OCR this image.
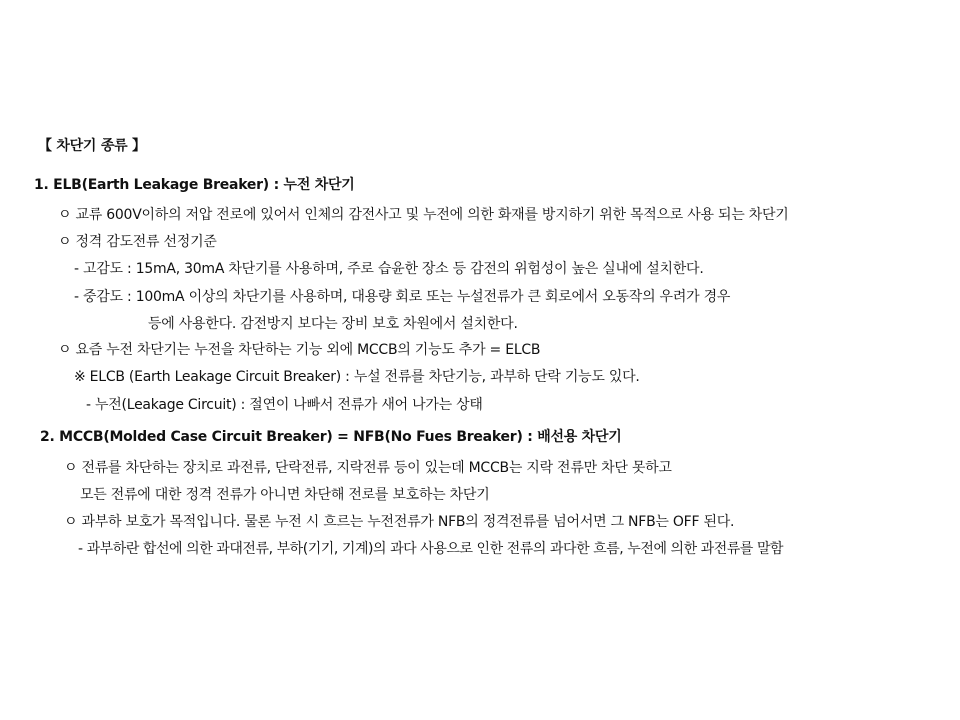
【 차단기 종류 】
1. ELB(Earth Leakage Breaker) : 누전 차단기
ㅇ 교류 600V이하의 저압 전로에 있어서 인체의 감전사고 및 누전에 의한 화재를 방지하기 위한 목적으로 사용 되는 차단기
ㅇ 정격 감도전류 선정기준
- 고감도 : 15mA, 30mA 차단기를 사용하며, 주로 습윤한 장소 등 감전의 위험성이 높은 실내에 설치한다.
- 중감도 : 100mA 이상의 차단기를 사용하며, 대용량 회로 또는 누설전류가 큰 회로에서 오동작의 우려가 경우
등에 사용한다. 감전방지 보다는 장비 보호 차원에서 설치한다.
ㅇ 요즘 누전 차단기는 누전을 차단하는 기능 외에 MCCB의 기능도 추가 = ELCB
※ ELCB (Earth Leakage Circuit Breaker) : 누설 전류를 차단기능, 과부하 단락 기능도 있다.
- 누전(Leakage Circuit) : 절연이 나빠서 전류가 새어 나가는 상태
2. MCCB(Molded Case Circuit Breaker) = NFB(No Fues Breaker) : 배선용 차단기
ㅇ 전류를 차단하는 장치로 과전류, 단락전류, 지락전류 등이 있는데 MCCB는 지락 전류만 차단 못하고
모든 전류에 대한 정격 전류가 아니면 차단해 전로를 보호하는 차단기
ㅇ 과부하 보호가 목적입니다. 물론 누전 시 흐르는 누전전류가 NFB의 정격전류를 넘어서면 그 NFB는 OFF 된다.
- 과부하란 합선에 의한 과대전류, 부하(기기, 기계)의 과다 사용으로 인한 전류의 과다한 흐름, 누전에 의한 과전류를 말함
